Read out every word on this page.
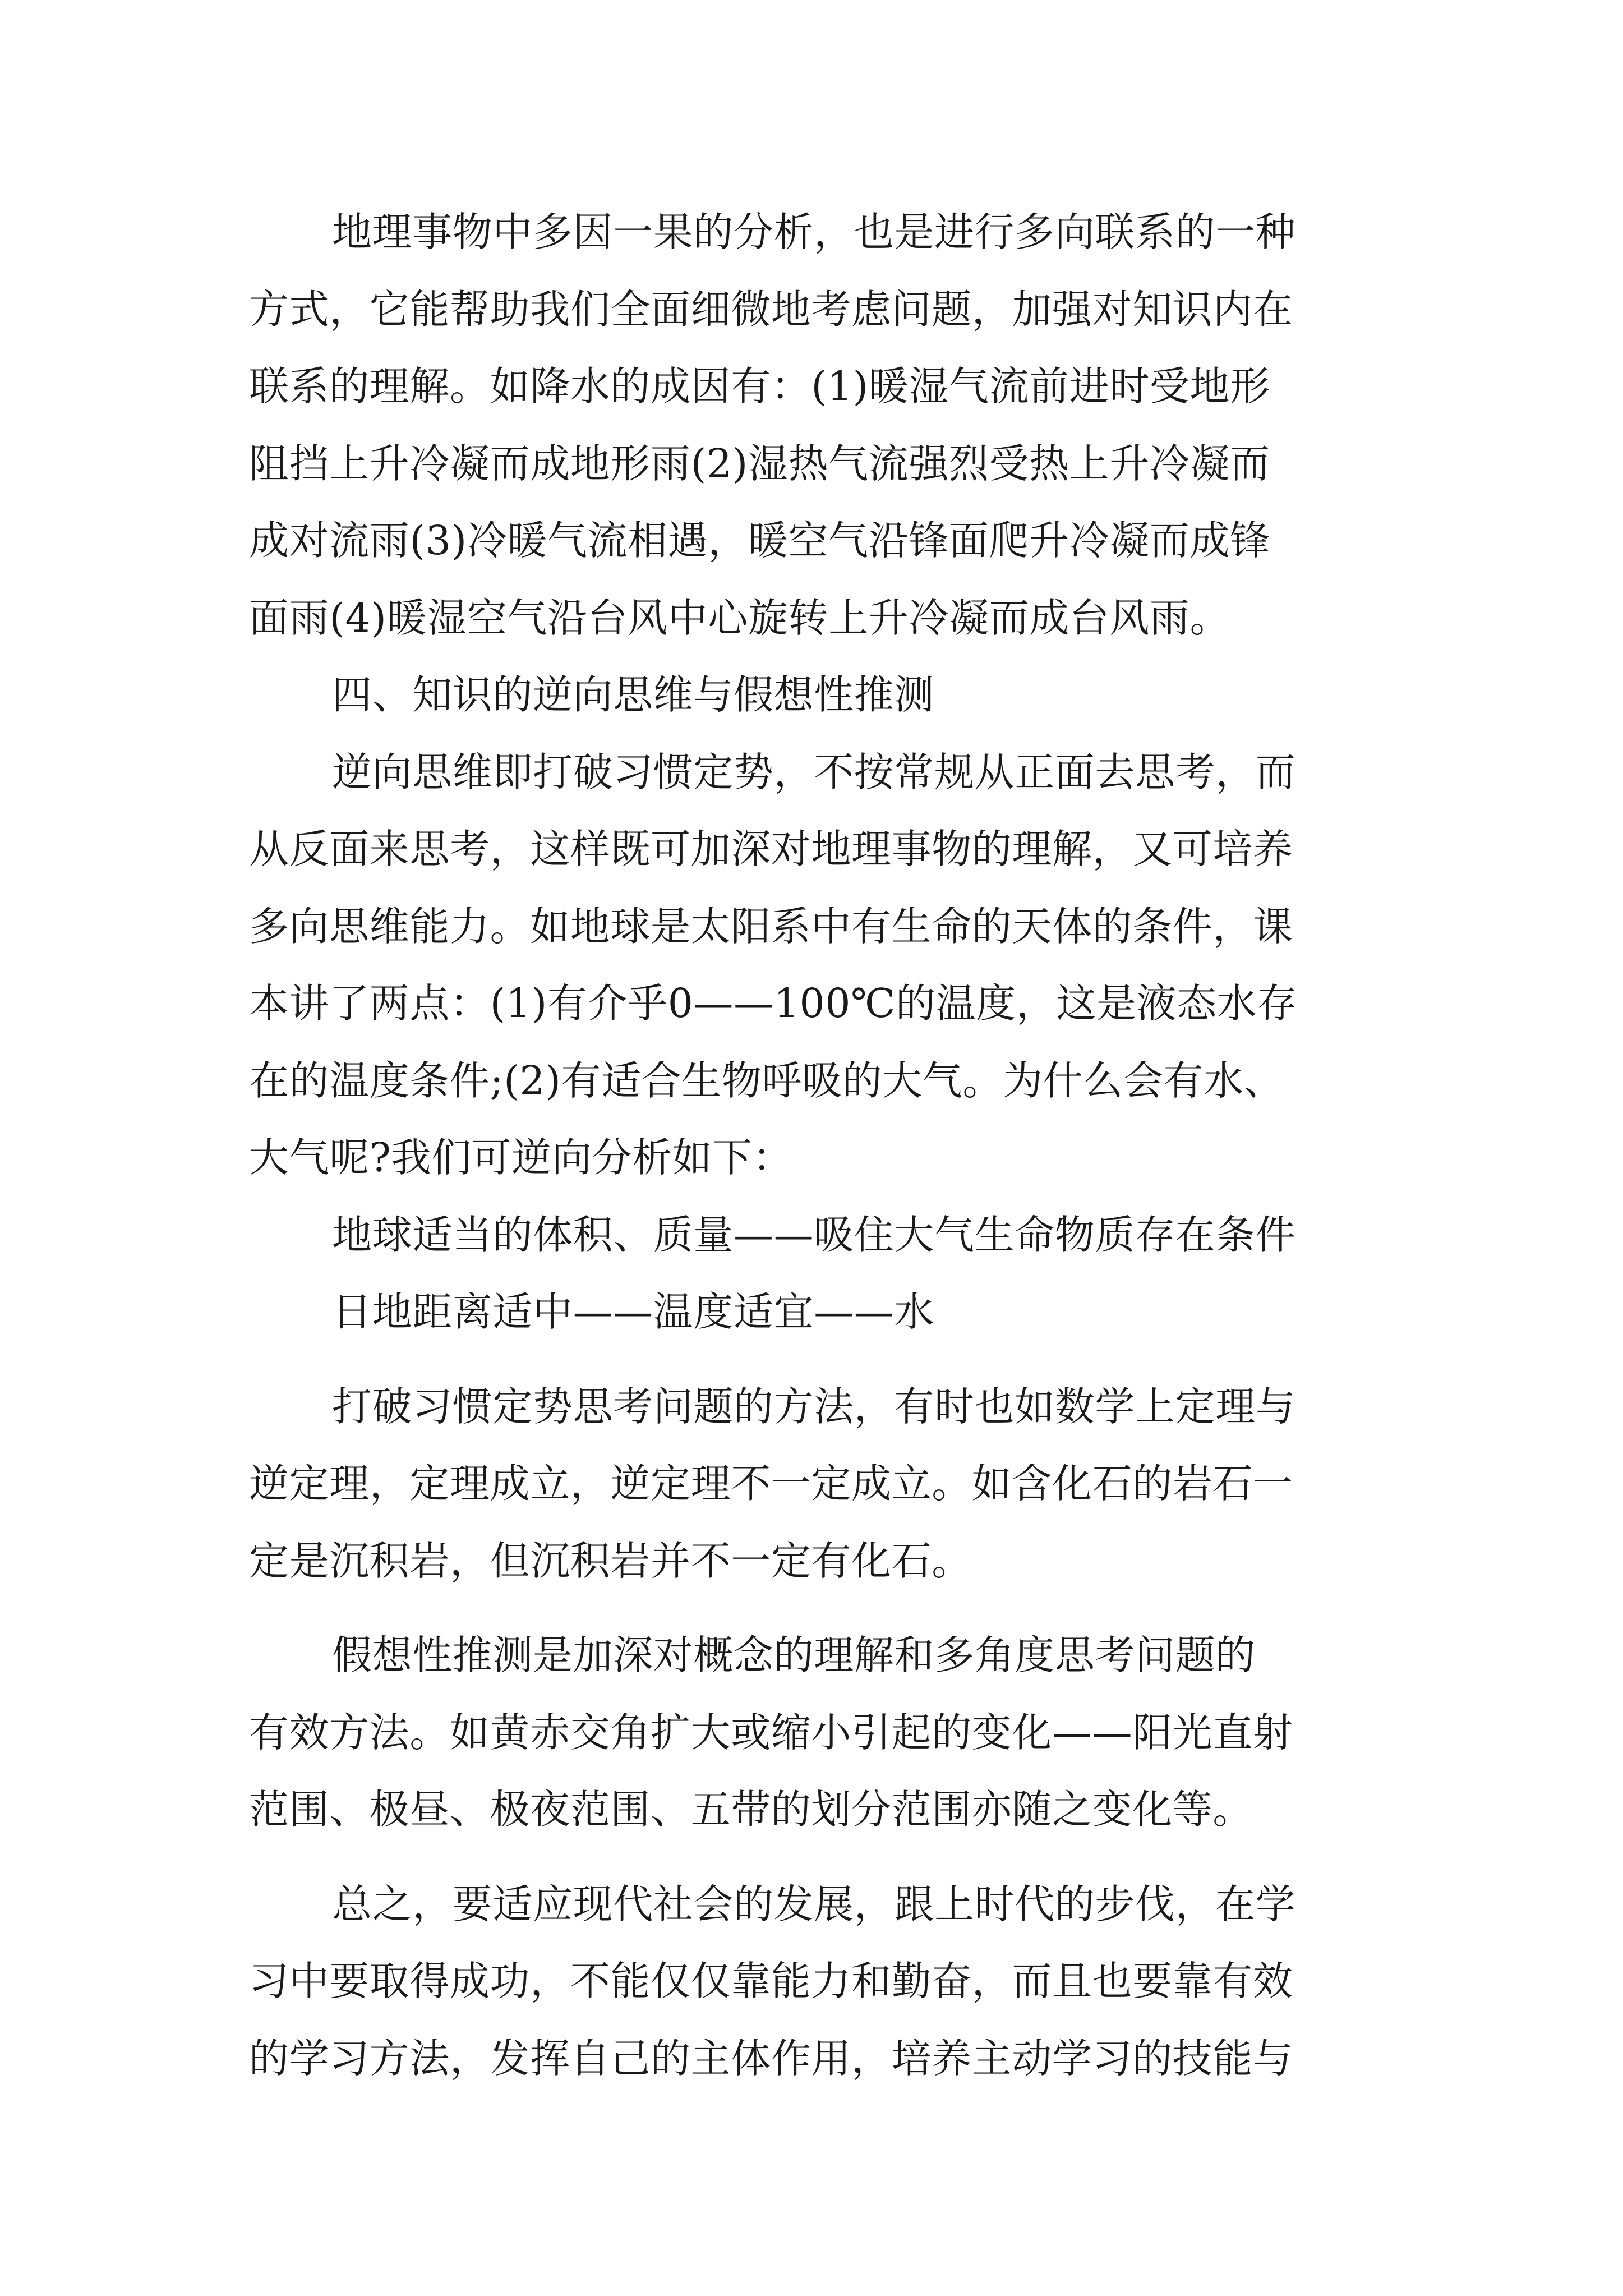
地理事物中多因一果的分析，也是进行多向联系的一种
方式，它能帮助我们全面细微地考虑问题，加强对知识内在
联系的理解。如降水的成因有：(1)暖湿气流前进时受地形
阻挡上升冷凝而成地形雨(2)湿热气流强烈受热上升冷凝而
成对流雨(3)冷暖气流相遇，暖空气沿锋面爬升冷凝而成锋
面雨(4)暖湿空气沿台风中心旋转上升冷凝而成台风雨。
四、知识的逆向思维与假想性推测
逆向思维即打破习惯定势，不按常规从正面去思考，而
从反面来思考，这样既可加深对地理事物的理解，又可培养
多向思维能力。如地球是太阳系中有生命的天体的条件，课
本讲了两点：(1)有介乎0——100℃的温度，这是液态水存
在的温度条件;(2)有适合生物呼吸的大气。为什么会有水、
大气呢?我们可逆向分析如下：
地球适当的体积、质量——吸住大气生命物质存在条件
日地距离适中——温度适宜——水
打破习惯定势思考问题的方法，有时也如数学上定理与
逆定理，定理成立，逆定理不一定成立。如含化石的岩石一
定是沉积岩，但沉积岩并不一定有化石。
假想性推测是加深对概念的理解和多角度思考问题的
有效方法。如黄赤交角扩大或缩小引起的变化——阳光直射
范围、极昼、极夜范围、五带的划分范围亦随之变化等。
总之，要适应现代社会的发展，跟上时代的步伐，在学
习中要取得成功，不能仅仅靠能力和勤奋，而且也要靠有效
的学习方法，发挥自己的主体作用，培养主动学习的技能与
